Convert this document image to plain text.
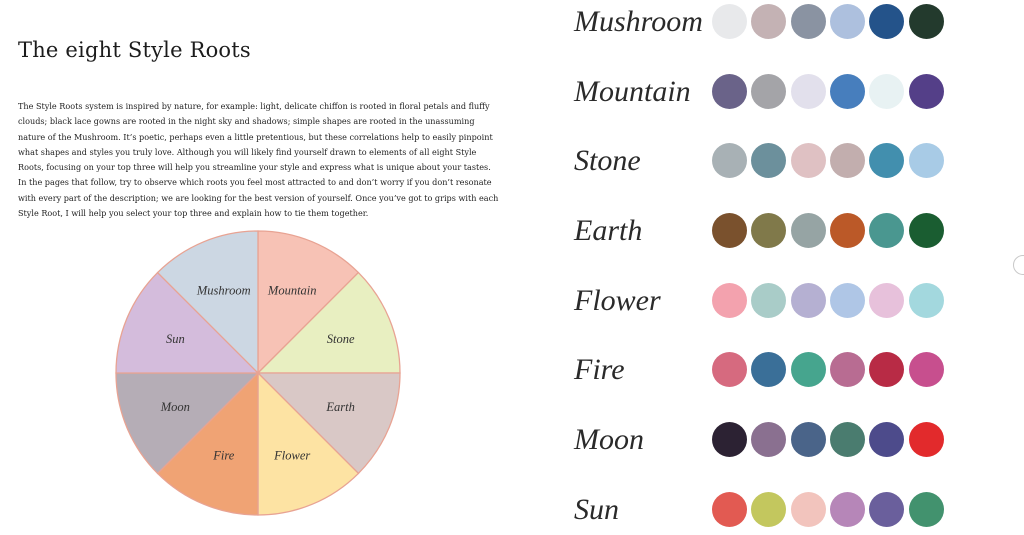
The eight Style Roots

The Style Roots system is inspired by nature, for example: light, delicate chiffon is rooted in floral petals and fluffy clouds; black lace gowns are rooted in the night sky and shadows; simple shapes are rooted in the unassuming nature of the Mushroom. It’s poetic, perhaps even a little pretentious, but these correlations help to easily pinpoint what shapes and styles you truly love. Although you will likely find yourself drawn to elements of all eight Style Roots, focusing on your top three will help you streamline your style and express what is unique about your tastes. In the pages that follow, try to observe which roots you feel most attracted to and don’t worry if you don’t resonate with every part of the description; we are looking for the best version of yourself. Once you’ve got to grips with each Style Root, I will help you select your top three and explain how to tie them together.

Mountain
Stone
Earth
Flower
Fire
Moon
Sun
Mushroom
Mushroom
Mountain
Stone
Earth
Flower
Fire
Moon
Sun
